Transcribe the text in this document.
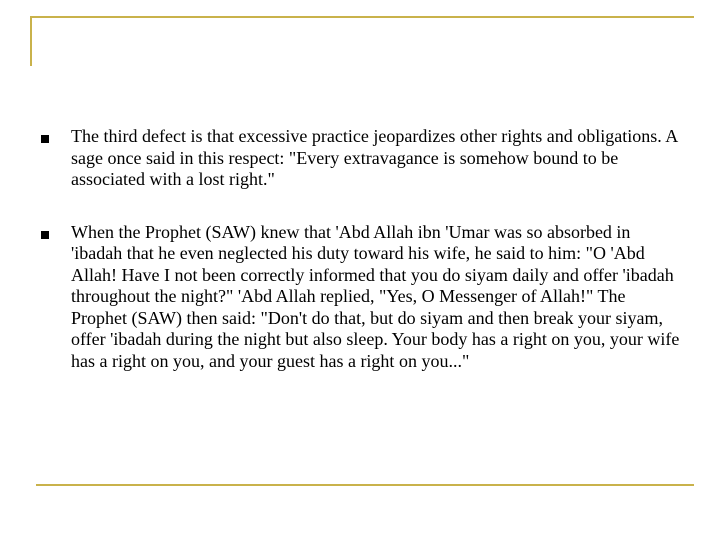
The third defect is that excessive practice jeopardizes other rights and obligations. A sage once said in this respect: "Every extravagance is somehow bound to be associated with a lost right."

When the Prophet (SAW) knew that 'Abd Allah ibn 'Umar was so absorbed in 'ibadah that he even neglected his duty toward his wife, he said to him: "O 'Abd Allah! Have I not been correctly informed that you do siyam daily and offer 'ibadah throughout the night?" 'Abd Allah replied, "Yes, O Messenger of Allah!" The Prophet (SAW) then said: "Don't do that, but do siyam and then break your siyam, offer 'ibadah during the night but also sleep. Your body has a right on you, your wife has a right on you, and your guest has a right on you..."
